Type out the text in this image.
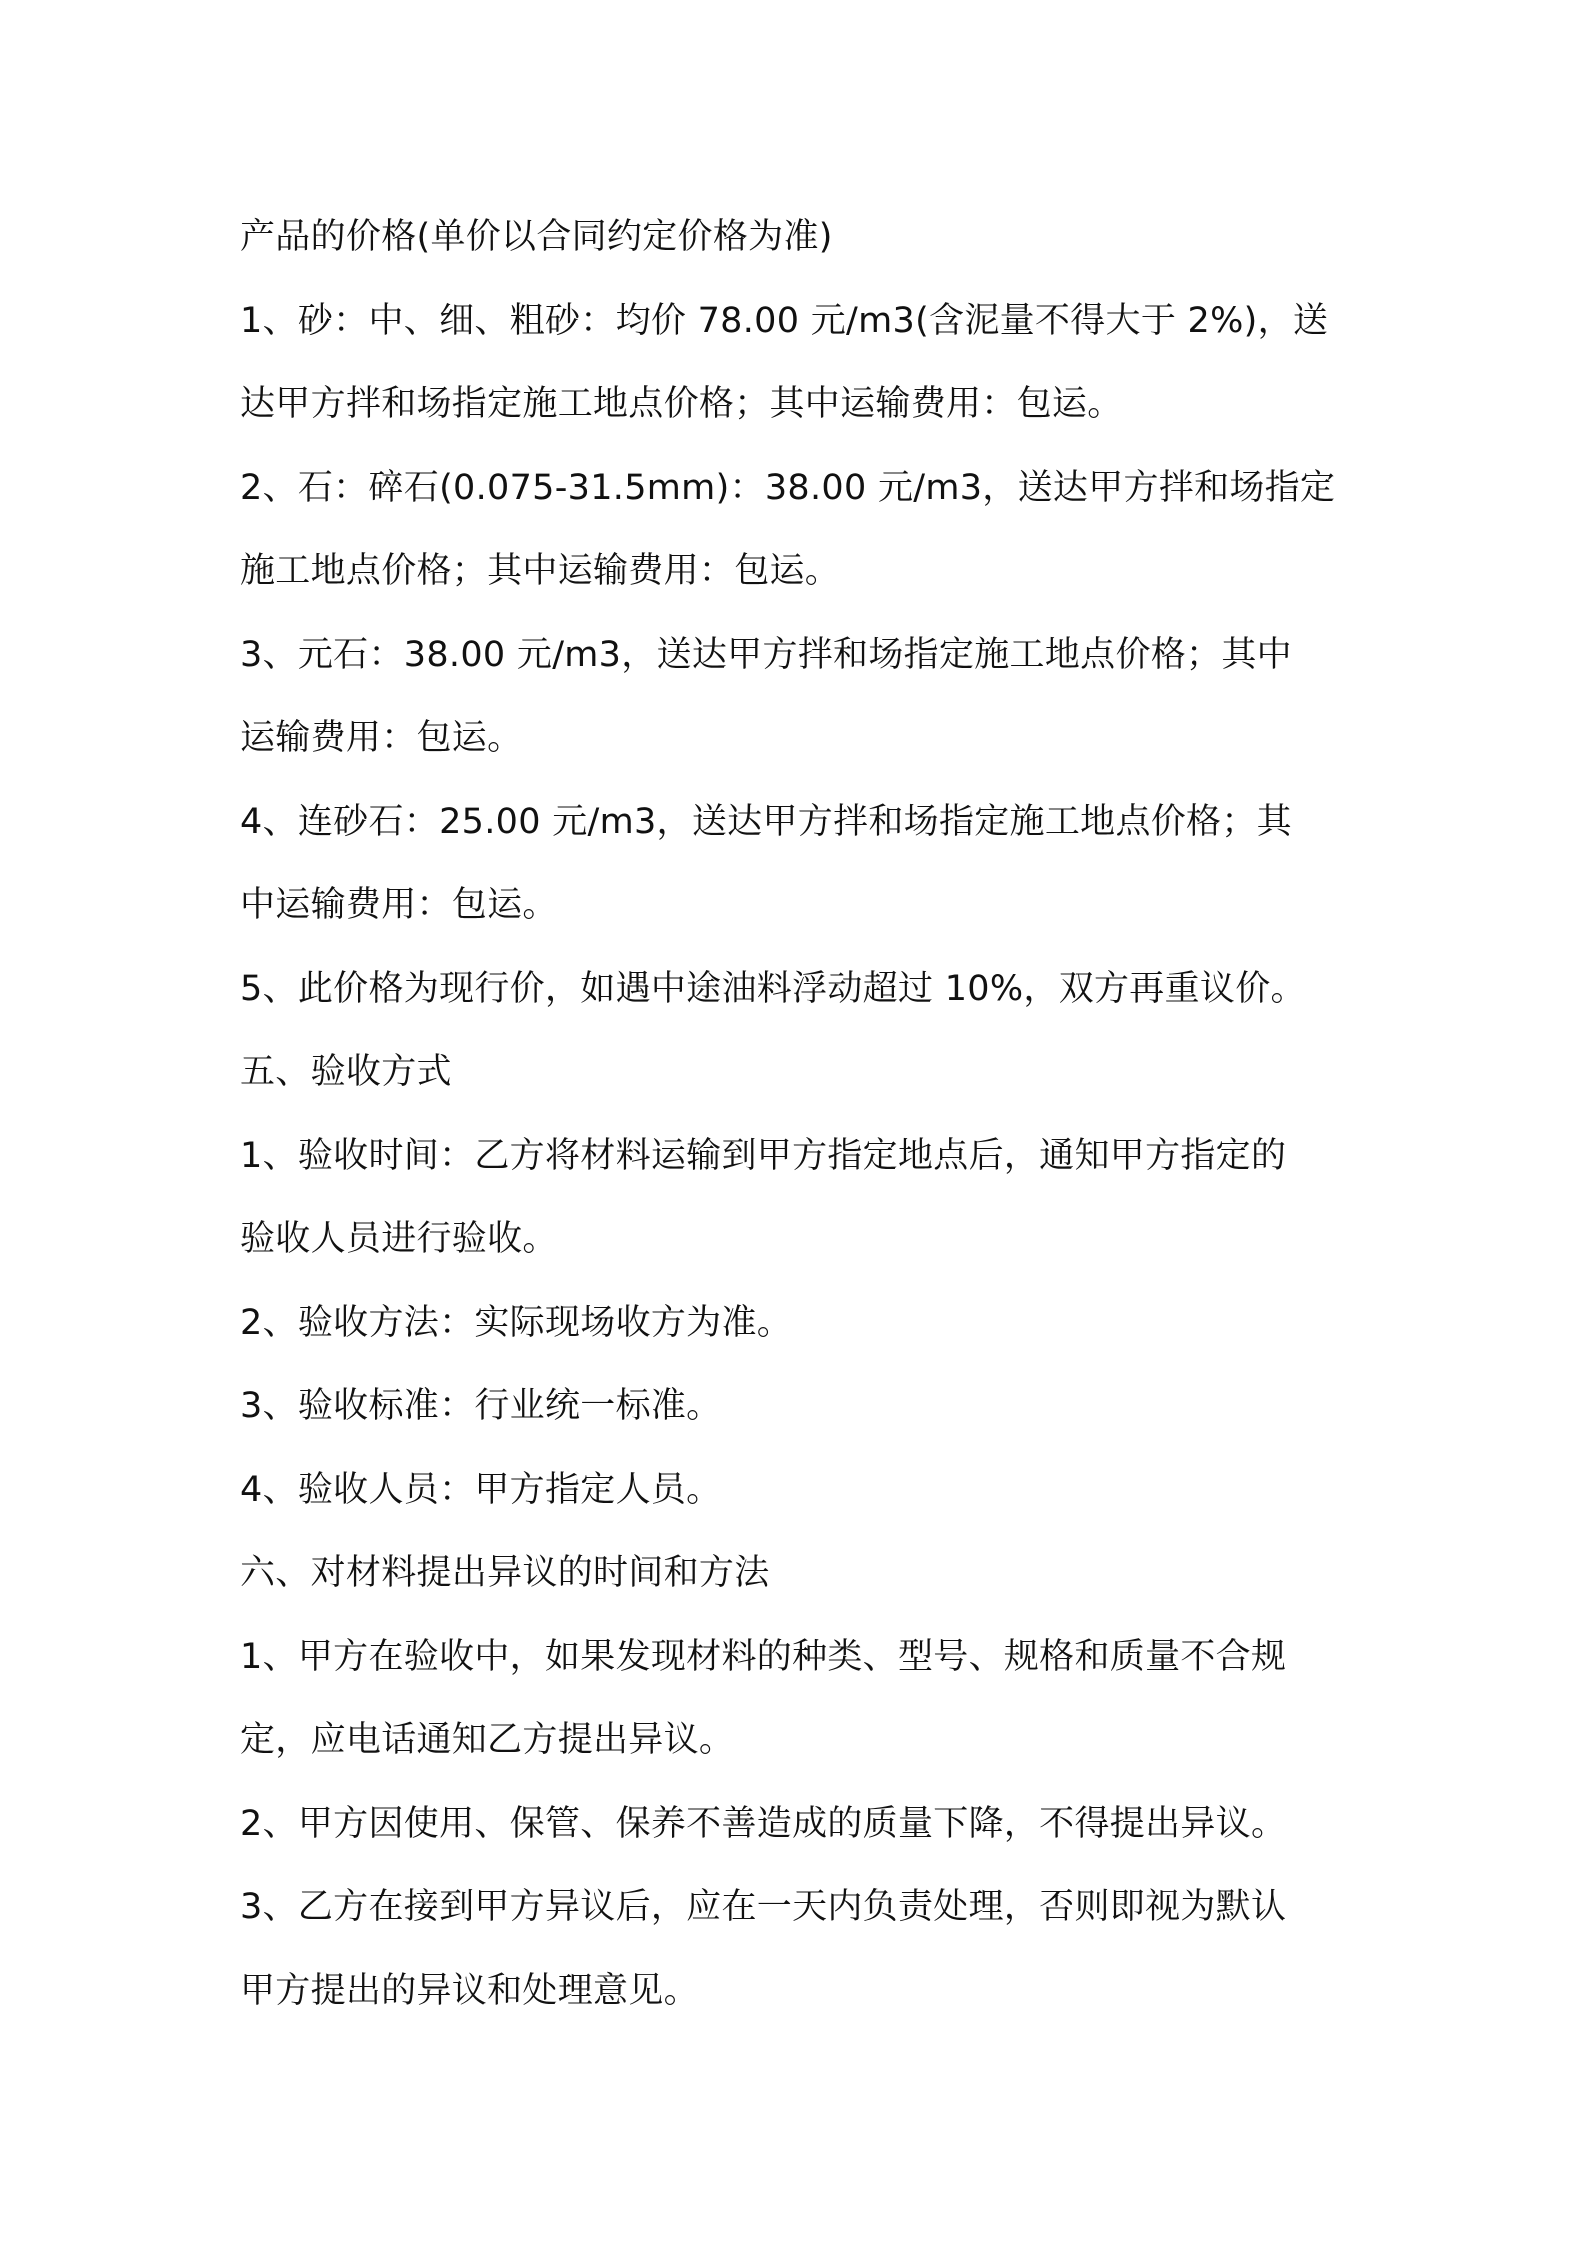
产品的价格(单价以合同约定价格为准)
1、砂：中、细、粗砂：均价 78.00 元/m3(含泥量不得大于 2%)，送
达甲方拌和场指定施工地点价格；其中运输费用：包运。
2、石：碎石(0.075-31.5mm)：38.00 元/m3，送达甲方拌和场指定
施工地点价格；其中运输费用：包运。
3、元石：38.00 元/m3，送达甲方拌和场指定施工地点价格；其中
运输费用：包运。
4、连砂石：25.00 元/m3，送达甲方拌和场指定施工地点价格；其
中运输费用：包运。
5、此价格为现行价，如遇中途油料浮动超过 10%，双方再重议价。
五、验收方式
1、验收时间：乙方将材料运输到甲方指定地点后，通知甲方指定的
验收人员进行验收。
2、验收方法：实际现场收方为准。
3、验收标准：行业统一标准。
4、验收人员：甲方指定人员。
六、对材料提出异议的时间和方法
1、甲方在验收中，如果发现材料的种类、型号、规格和质量不合规
定，应电话通知乙方提出异议。
2、甲方因使用、保管、保养不善造成的质量下降，不得提出异议。
3、乙方在接到甲方异议后，应在一天内负责处理，否则即视为默认
甲方提出的异议和处理意见。
